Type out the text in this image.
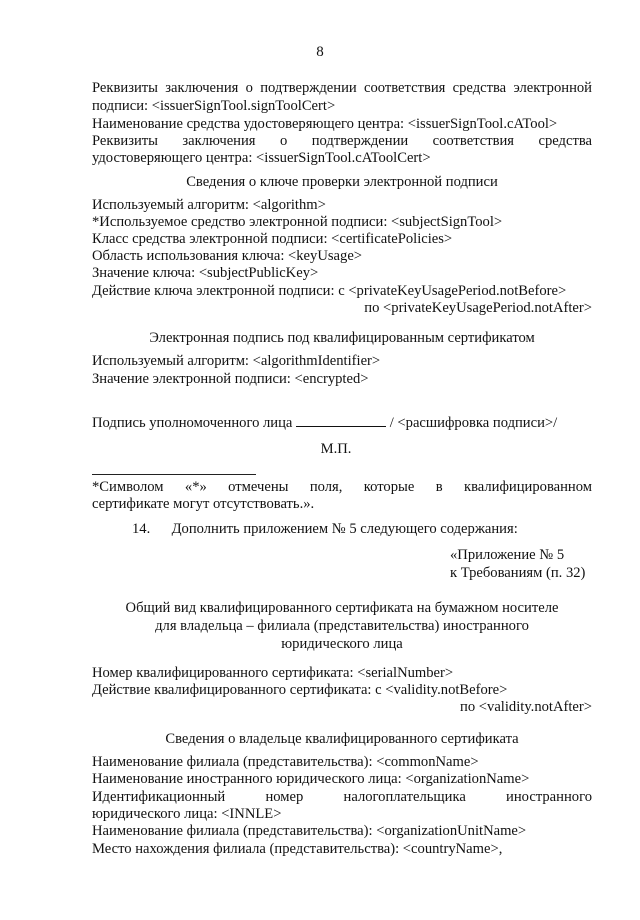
8
Реквизиты заключения о подтверждении соответствия средства электронной
подписи: <issuerSignTool.signToolCert>
Наименование средства удостоверяющего центра: <issuerSignTool.cATool>
Реквизиты заключения о подтверждении соответствия средства
удостоверяющего центра: <issuerSignTool.cAToolCert>
Сведения о ключе проверки электронной подписи
Используемый алгоритм: <algorithm>
*Используемое средство электронной подписи: <subjectSignTool>
Класс средства электронной подписи: <certificatePolicies>
Область использования ключа: <keyUsage>
Значение ключа: <subjectPublicKey>
Действие ключа электронной подписи: с <privateKeyUsagePeriod.notBefore>
по <privateKeyUsagePeriod.notAfter>
Электронная подпись под квалифицированным сертификатом
Используемый алгоритм: <algorithmIdentifier>
Значение электронной подписи: <encrypted>
Подпись уполномоченного лица	/ <расшифровка подписи>/
М.П.
*Символом «*» отмечены поля, которые в квалифицированном
сертификате могут отсутствовать.».
14. Дополнить приложением № 5 следующего содержания:
«Приложение № 5
к Требованиям (п. 32)
Общий вид квалифицированного сертификата на бумажном носителе
для владельца – филиала (представительства) иностранного
юридического лица
Номер квалифицированного сертификата: <serialNumber>
Действие квалифицированного сертификата: с <validity.notBefore>
по <validity.notAfter>
Сведения о владельце квалифицированного сертификата
Наименование филиала (представительства): <commonName>
Наименование иностранного юридического лица: <organizationName>
Идентификационный номер налогоплательщика иностранного
юридического лица: <INNLE>
Наименование филиала (представительства): <organizationUnitName>
Место нахождения филиала (представительства): <countryName>,
